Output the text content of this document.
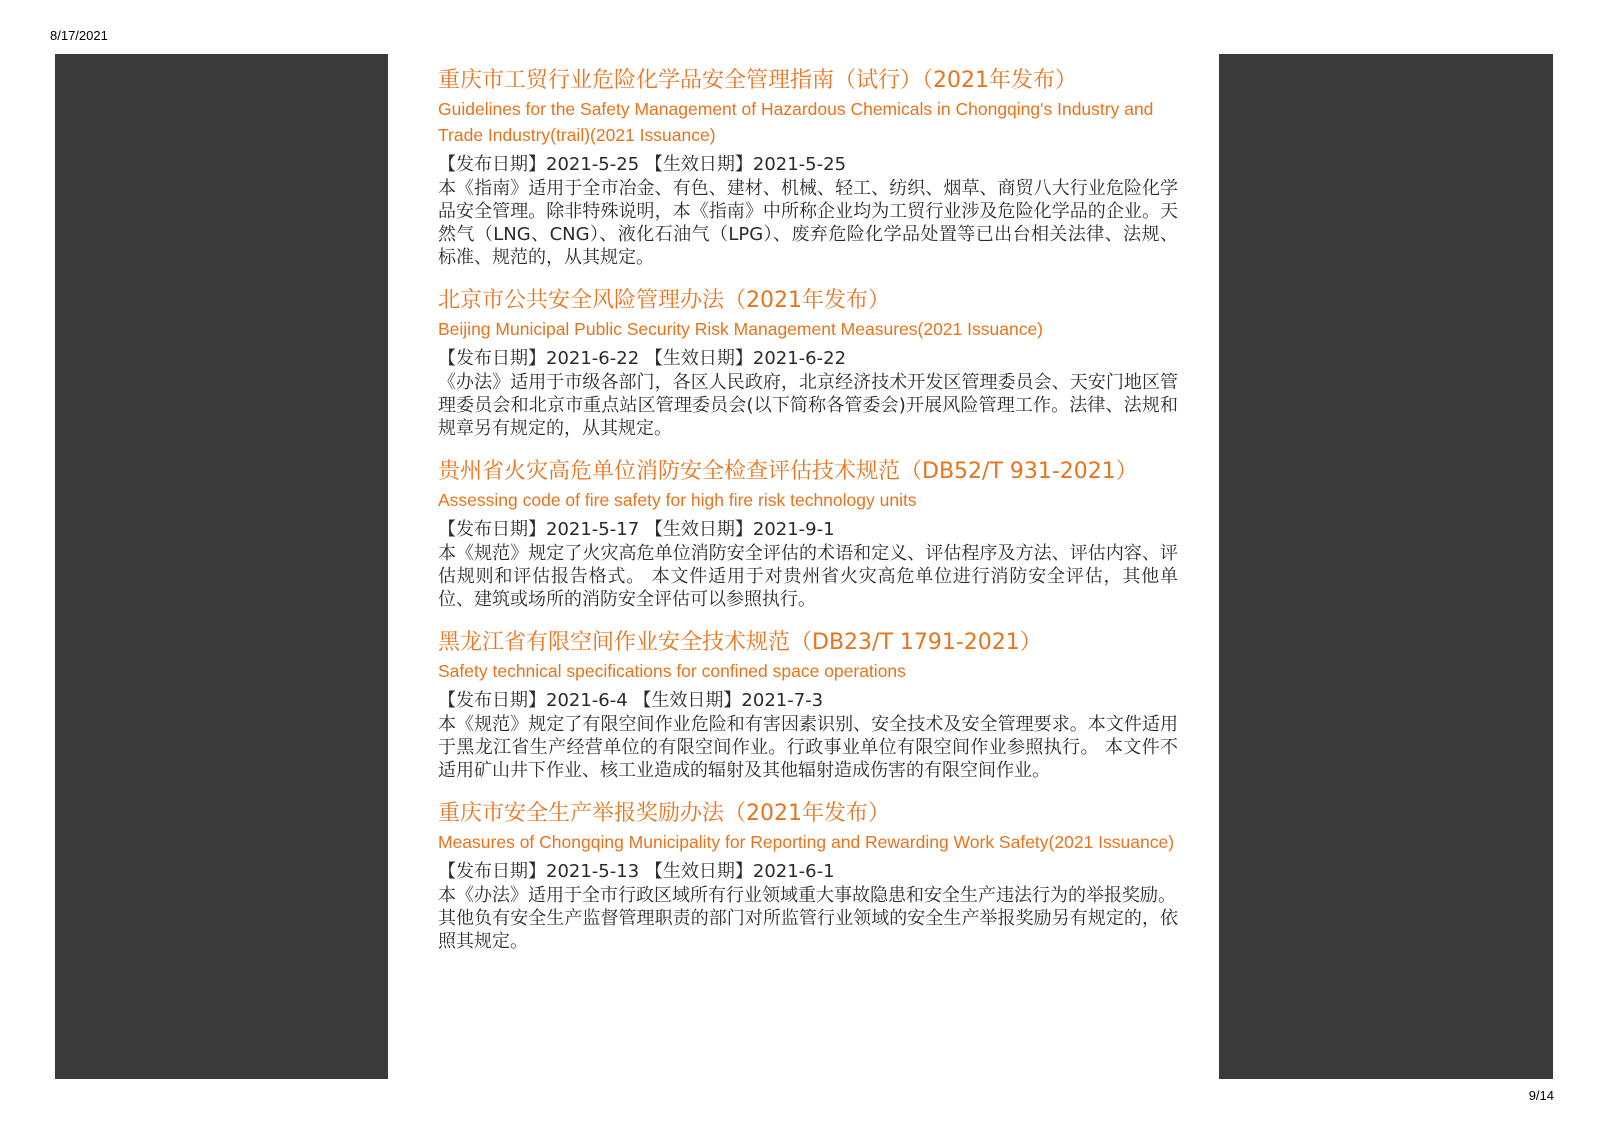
8/17/2021
重庆市工贸行业危险化学品安全管理指南（试行）（2021年发布）
Guidelines for the Safety Management of Hazardous Chemicals in Chongqing's Industry and Trade Industry(trail)(2021 Issuance)
【发布日期】2021-5-25 【生效日期】2021-5-25
本《指南》适用于全市冶金、有色、建材、机械、轻工、纺织、烟草、商贸八大行业危险化学品安全管理。除非特殊说明，本《指南》中所称企业均为工贸行业涉及危险化学品的企业。天然气（LNG、CNG）、液化石油气（LPG）、废弃危险化学品处置等已出台相关法律、法规、标准、规范的，从其规定。
北京市公共安全风险管理办法（2021年发布）
Beijing Municipal Public Security Risk Management Measures(2021 Issuance)
【发布日期】2021-6-22 【生效日期】2021-6-22
《办法》适用于市级各部门，各区人民政府，北京经济技术开发区管理委员会、天安门地区管理委员会和北京市重点站区管理委员会(以下简称各管委会)开展风险管理工作。法律、法规和规章另有规定的，从其规定。
贵州省火灾高危单位消防安全检查评估技术规范（DB52/T 931-2021）
Assessing code of fire safety for high fire risk technology units
【发布日期】2021-5-17 【生效日期】2021-9-1
本《规范》规定了火灾高危单位消防安全评估的术语和定义、评估程序及方法、评估内容、评估规则和评估报告格式。 本文件适用于对贵州省火灾高危单位进行消防安全评估，其他单位、建筑或场所的消防安全评估可以参照执行。
黑龙江省有限空间作业安全技术规范（DB23/T 1791-2021）
Safety technical specifications for confined space operations
【发布日期】2021-6-4 【生效日期】2021-7-3
本《规范》规定了有限空间作业危险和有害因素识别、安全技术及安全管理要求。本文件适用于黑龙江省生产经营单位的有限空间作业。行政事业单位有限空间作业参照执行。 本文件不适用矿山井下作业、核工业造成的辐射及其他辐射造成伤害的有限空间作业。
重庆市安全生产举报奖励办法（2021年发布）
Measures of Chongqing Municipality for Reporting and Rewarding Work Safety(2021 Issuance)
【发布日期】2021-5-13 【生效日期】2021-6-1
本《办法》适用于全市行政区域所有行业领域重大事故隐患和安全生产违法行为的举报奖励。
其他负有安全生产监督管理职责的部门对所监管行业领域的安全生产举报奖励另有规定的，依照其规定。
9/14
